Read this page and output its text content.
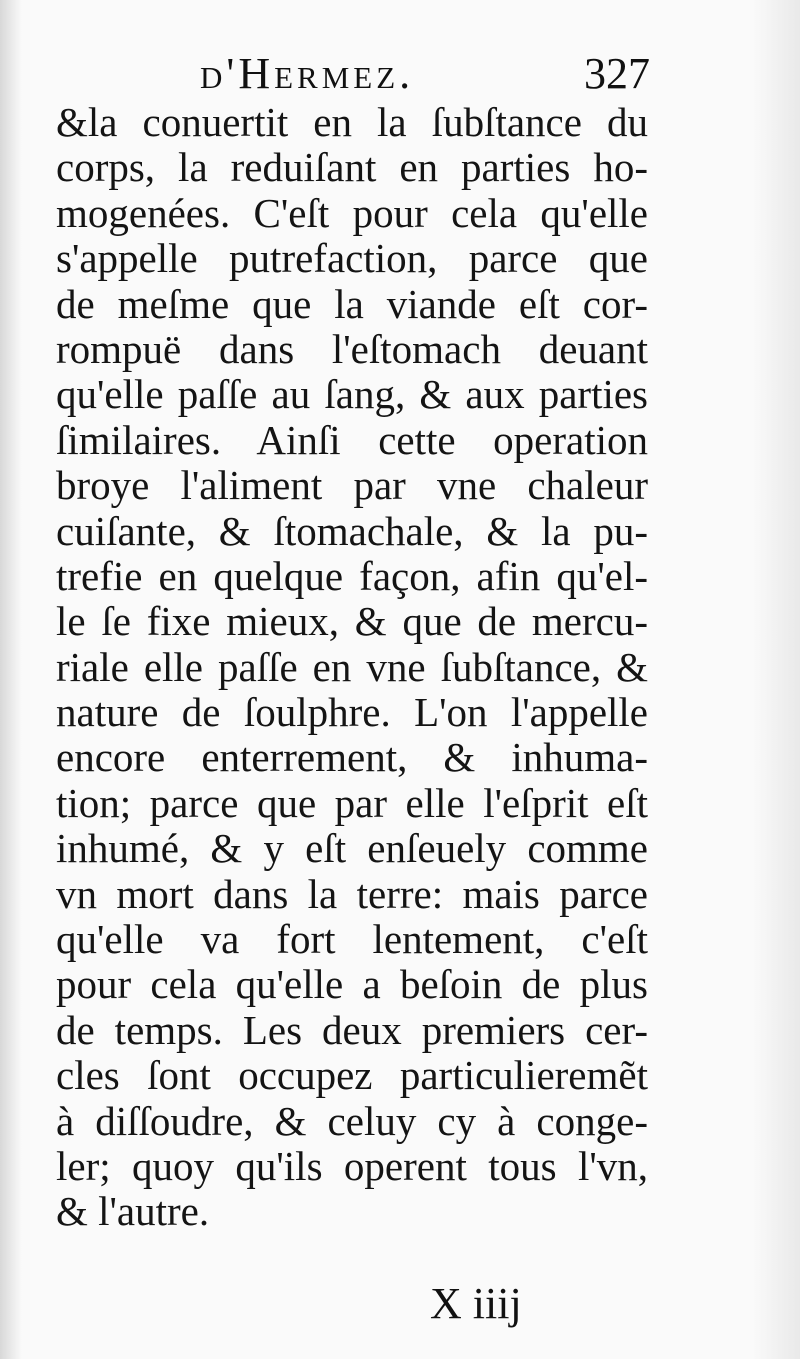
d'Hermez.	327
&la conuertit en la ſubſtance du
corps, la reduiſant en parties ho-
mogenées. C'eſt pour cela qu'elle
s'appelle putrefaction, parce que
de meſme que la viande eſt cor-
rompuë dans l'eſtomach deuant
qu'elle paſſe au ſang, & aux parties
ſimilaires. Ainſi cette operation
broye l'aliment par vne chaleur
cuiſante, & ſtomachale, & la pu-
trefie en quelque façon, afin qu'el-
le ſe fixe mieux, & que de mercu-
riale elle paſſe en vne ſubſtance, &
nature de ſoulphre. L'on l'appelle
encore enterrement, & inhuma-
tion; parce que par elle l'eſprit eſt
inhumé, & y eſt enſeuely comme
vn mort dans la terre: mais parce
qu'elle va fort lentement, c'eſt
pour cela qu'elle a beſoin de plus
de temps. Les deux premiers cer-
cles ſont occupez particulieremẽt
à diſſoudre, & celuy cy à conge-
ler; quoy qu'ils operent tous l'vn,
& l'autre.
X iiij
